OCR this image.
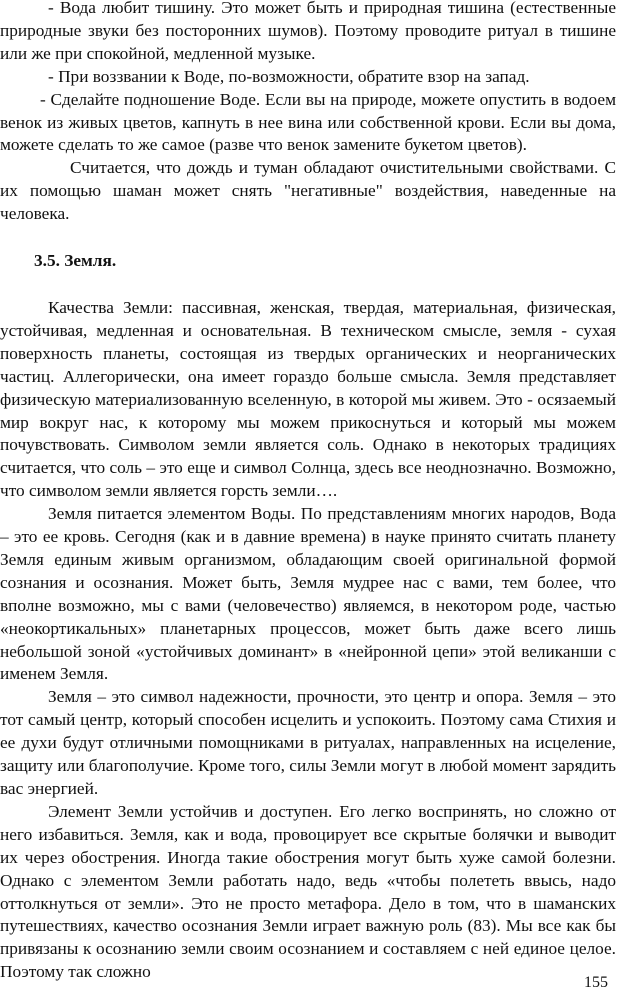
- Вода любит тишину. Это может быть и природная тишина (естественные природные звуки без посторонних шумов). Поэтому проводите ритуал в тишине или же при спокойной, медленной музыке.

- При воззвании к Воде, по-возможности, обратите взор на запад.

- Сделайте подношение Воде. Если вы на природе, можете опустить в водоем венок из живых цветов, капнуть в нее вина или собственной крови. Если вы дома, можете сделать то же самое (разве что венок замените букетом цветов).

Считается, что дождь и туман обладают очистительными свойствами. С их помощью шаман может снять "негативные" воздействия, наведенные на человека.

3.5. Земля.

Качества Земли: пассивная, женская, твердая, материальная, физическая, устойчивая, медленная и основательная. В техническом смысле, земля - сухая поверхность планеты, состоящая из твердых органических и неорганических частиц. Аллегорически, она имеет гораздо больше смысла. Земля представляет физическую материализованную вселенную, в которой мы живем. Это - осязаемый мир вокруг нас, к которому мы можем прикоснуться и который мы можем почувствовать. Символом земли является соль. Однако в некоторых традициях считается, что соль – это еще и символ Солнца, здесь все неоднозначно. Возможно, что символом земли является горсть земли….

Земля питается элементом Воды. По представлениям многих народов, Вода – это ее кровь. Сегодня (как и в давние времена) в науке принято считать планету Земля единым живым организмом, обладающим своей оригинальной формой сознания и осознания. Может быть, Земля мудрее нас с вами, тем более, что вполне возможно, мы с вами (человечество) являемся, в некотором роде, частью «неокортикальных» планетарных процессов, может быть даже всего лишь небольшой зоной «устойчивых доминант» в «нейронной цепи» этой великанши с именем Земля.

Земля – это символ надежности, прочности, это центр и опора. Земля – это тот самый центр, который способен исцелить и успокоить. Поэтому сама Стихия и ее духи будут отличными помощниками в ритуалах, направленных на исцеление, защиту или благополучие. Кроме того, силы Земли могут в любой момент зарядить вас энергией.

Элемент Земли устойчив и доступен. Его легко воспринять, но сложно от него избавиться. Земля, как и вода, провоцирует все скрытые болячки и выводит их через обострения. Иногда такие обострения могут быть хуже самой болезни. Однако с элементом Земли работать надо, ведь «чтобы полететь ввысь, надо оттолкнуться от земли». Это не просто метафора. Дело в том, что в шаманских путешествиях, качество осознания Земли играет важную роль (83). Мы все как бы привязаны к осознанию земли своим осознанием и составляем с ней единое целое. Поэтому так сложно

155
